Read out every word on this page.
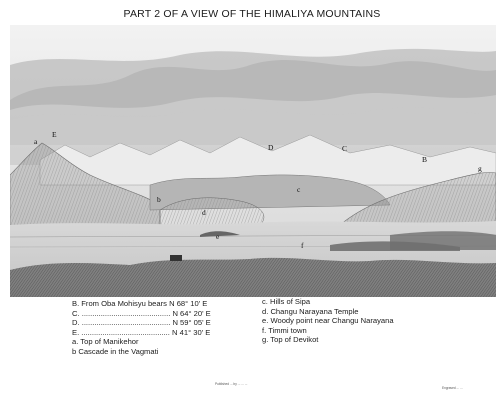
PART 2 OF A VIEW OF THE HIMALIYA MOUNTAINS
a
E
D	C
B
g
c
b
d
e
f
B. From Oba Mohisyu bears N 68° 10' E
C. .......................................... N 64° 20' E
D. .......................................... N 59° 05' E
E. .......................................... N 41° 30' E
a. Top of Manikehor
b Cascade in the Vagmati
c. Hills of Sipa
d. Changu Narayana Temple
e. Woody point near Changu Narayana
f. Timmi town
g. Top of Devikot
Published ... by ... ... ...
Engraved ... ...
